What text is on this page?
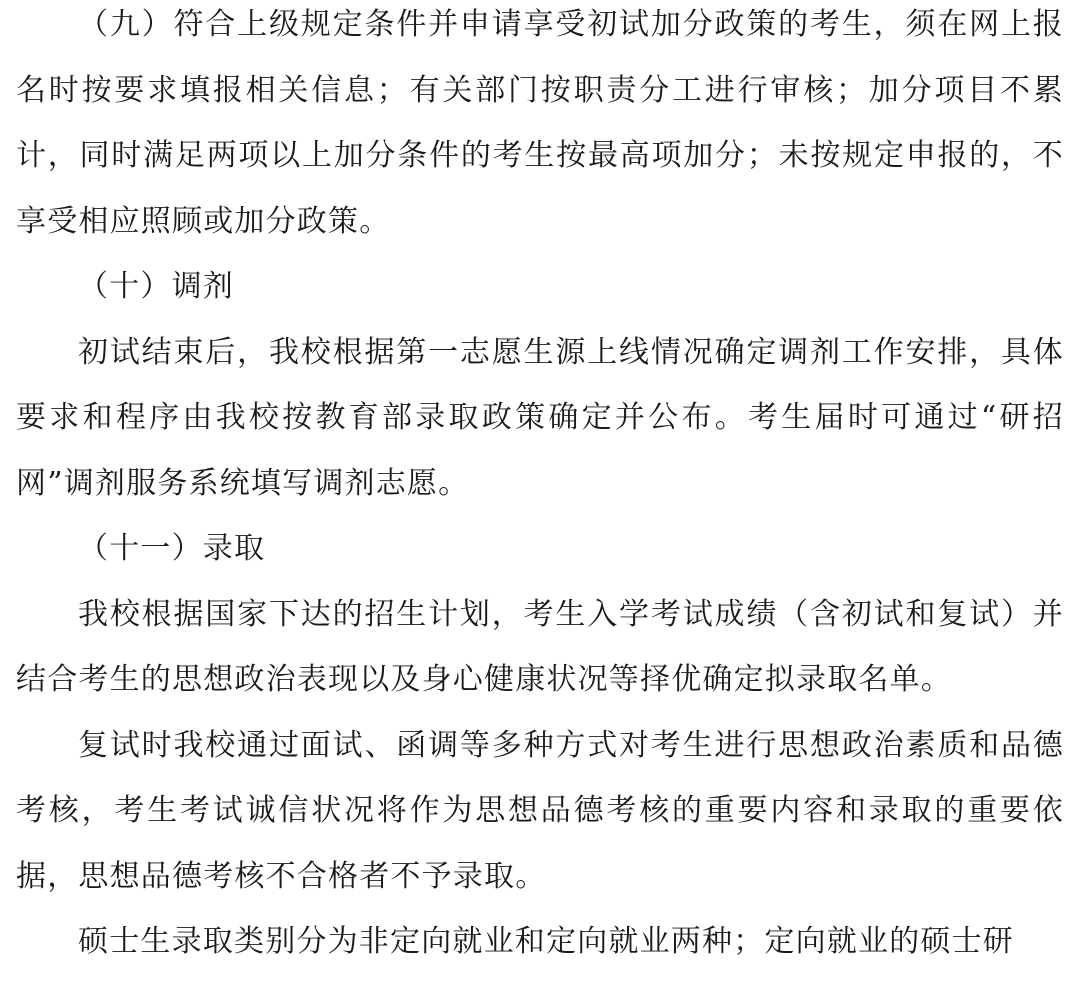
（九）符合上级规定条件并申请享受初试加分政策的考生，须在网上报名时按要求填报相关信息；有关部门按职责分工进行审核；加分项目不累计，同时满足两项以上加分条件的考生按最高项加分；未按规定申报的，不享受相应照顾或加分政策。

（十）调剂

初试结束后，我校根据第一志愿生源上线情况确定调剂工作安排，具体要求和程序由我校按教育部录取政策确定并公布。考生届时可通过“研招网”调剂服务系统填写调剂志愿。

（十一）录取

我校根据国家下达的招生计划，考生入学考试成绩（含初试和复试）并结合考生的思想政治表现以及身心健康状况等择优确定拟录取名单。

复试时我校通过面试、函调等多种方式对考生进行思想政治素质和品德考核，考生考试诚信状况将作为思想品德考核的重要内容和录取的重要依据，思想品德考核不合格者不予录取。

硕士生录取类别分为非定向就业和定向就业两种；定向就业的硕士研
